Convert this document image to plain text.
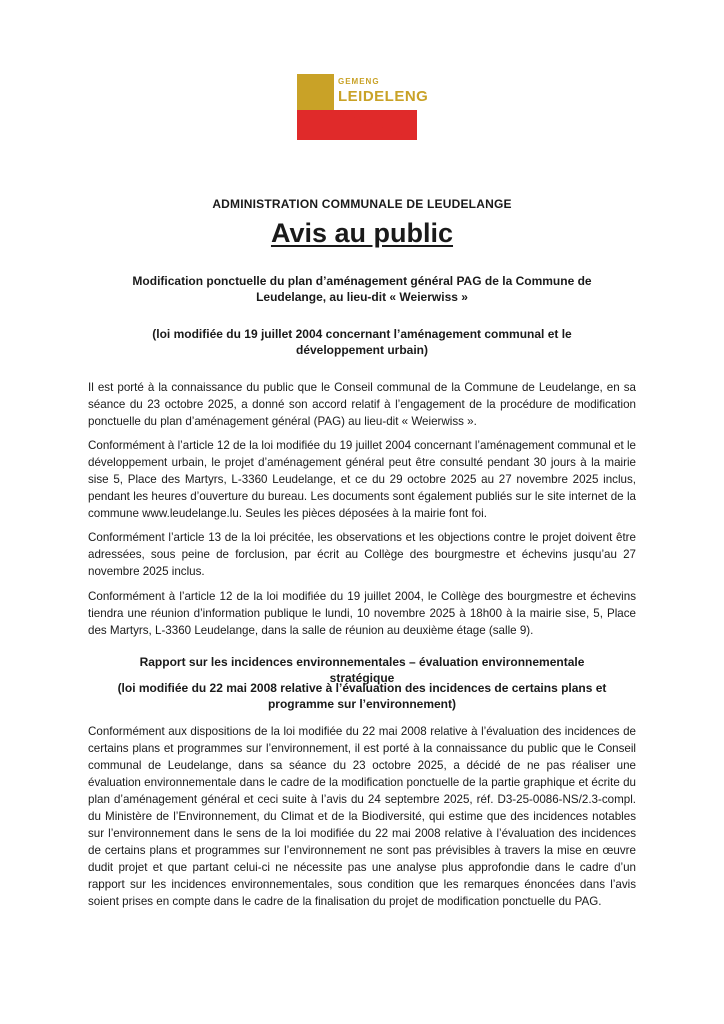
GEMENG
LEIDELENG
ADMINISTRATION COMMUNALE DE LEUDELANGE
Avis au public
Modification ponctuelle du plan d’aménagement général PAG de la Commune de Leudelange, au lieu-dit « Weierwiss »
(loi modifiée du 19 juillet 2004 concernant l’aménagement communal et le développement urbain)
Il est porté à la connaissance du public que le Conseil communal de la Commune de Leudelange, en sa séance du 23 octobre 2025, a donné son accord relatif à l’engagement de la procédure de modification ponctuelle du plan d’aménagement général (PAG) au lieu-dit « Weierwiss ».
Conformément à l’article 12 de la loi modifiée du 19 juillet 2004 concernant l’aménagement communal et le développement urbain, le projet d’aménagement général peut être consulté pendant 30 jours à la mairie sise 5, Place des Martyrs, L-3360 Leudelange, et ce du 29 octobre 2025 au 27 novembre 2025 inclus, pendant les heures d’ouverture du bureau. Les documents sont également publiés sur le site internet de la commune www.leudelange.lu. Seules les pièces déposées à la mairie font foi.
Conformément l’article 13 de la loi précitée, les observations et les objections contre le projet doivent être adressées, sous peine de forclusion, par écrit au Collège des bourgmestre et échevins jusqu’au 27 novembre 2025 inclus.
Conformément à l’article 12 de la loi modifiée du 19 juillet 2004, le Collège des bourgmestre et échevins tiendra une réunion d’information publique le lundi, 10 novembre 2025 à 18h00 à la mairie sise, 5, Place des Martyrs, L-3360 Leudelange, dans la salle de réunion au deuxième étage (salle 9).
Rapport sur les incidences environnementales – évaluation environnementale stratégique
(loi modifiée du 22 mai 2008 relative à l’évaluation des incidences de certains plans et programme sur l’environnement)
Conformément aux dispositions de la loi modifiée du 22 mai 2008 relative à l’évaluation des incidences de certains plans et programmes sur l’environnement, il est porté à la connaissance du public que le Conseil communal de Leudelange, dans sa séance du 23 octobre 2025, a décidé de ne pas réaliser une évaluation environnementale dans le cadre de la modification ponctuelle de la partie graphique et écrite du plan d’aménagement général et ceci suite à l’avis du 24 septembre 2025, réf. D3-25-0086-NS/2.3-compl. du Ministère de l’Environnement, du Climat et de la Biodiversité, qui estime que des incidences notables sur l’environnement dans le sens de la loi modifiée du 22 mai 2008 relative à l’évaluation des incidences de certains plans et programmes sur l’environnement ne sont pas prévisibles à travers la mise en œuvre dudit projet et que partant celui-ci ne nécessite pas une analyse plus approfondie dans le cadre d’un rapport sur les incidences environnementales, sous condition que les remarques énoncées dans l’avis soient prises en compte dans le cadre de la finalisation du projet de modification ponctuelle du PAG.
